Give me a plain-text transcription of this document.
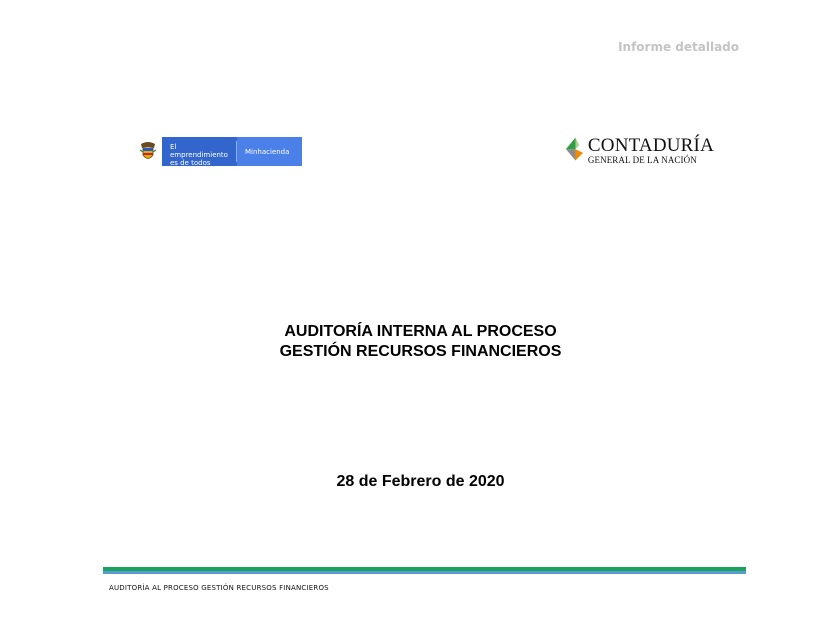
Informe detallado
El emprendimiento
es de todos
Minhacienda	CONTADURÍA
GENERAL DE LA NACIÓN
AUDITORÍA INTERNA AL PROCESO
GESTIÓN RECURSOS FINANCIEROS
28 de Febrero de 2020
AUDITORÍA AL PROCESO GESTIÓN RECURSOS FINANCIEROS
